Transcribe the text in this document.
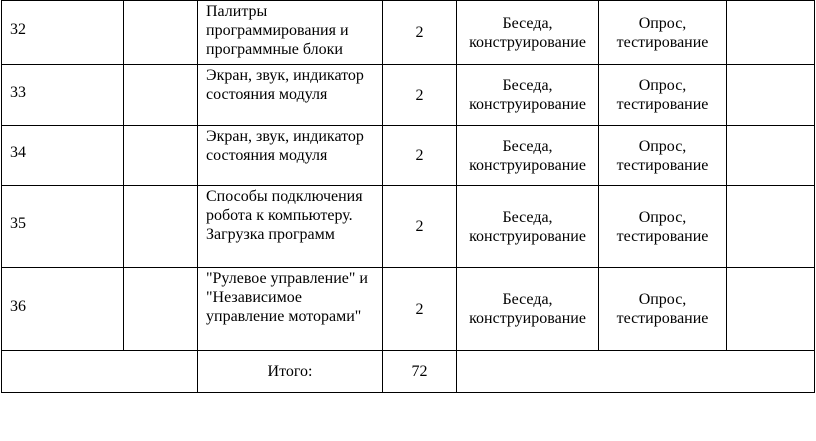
32		Палитры программирования и программные блоки	2	Беседа, конструирование	Опрос, тестирование	
33		Экран, звук, индикатор состояния модуля	2	Беседа, конструирование	Опрос, тестирование	
34		Экран, звук, индикатор состояния модуля	2	Беседа, конструирование	Опрос, тестирование	
35		Способы подключения робота к компьютеру. Загрузка программ	2	Беседа, конструирование	Опрос, тестирование	
36		"Рулевое управление" и "Независимое управление моторами"	2	Беседа, конструирование	Опрос, тестирование	
		Итого:	72			
